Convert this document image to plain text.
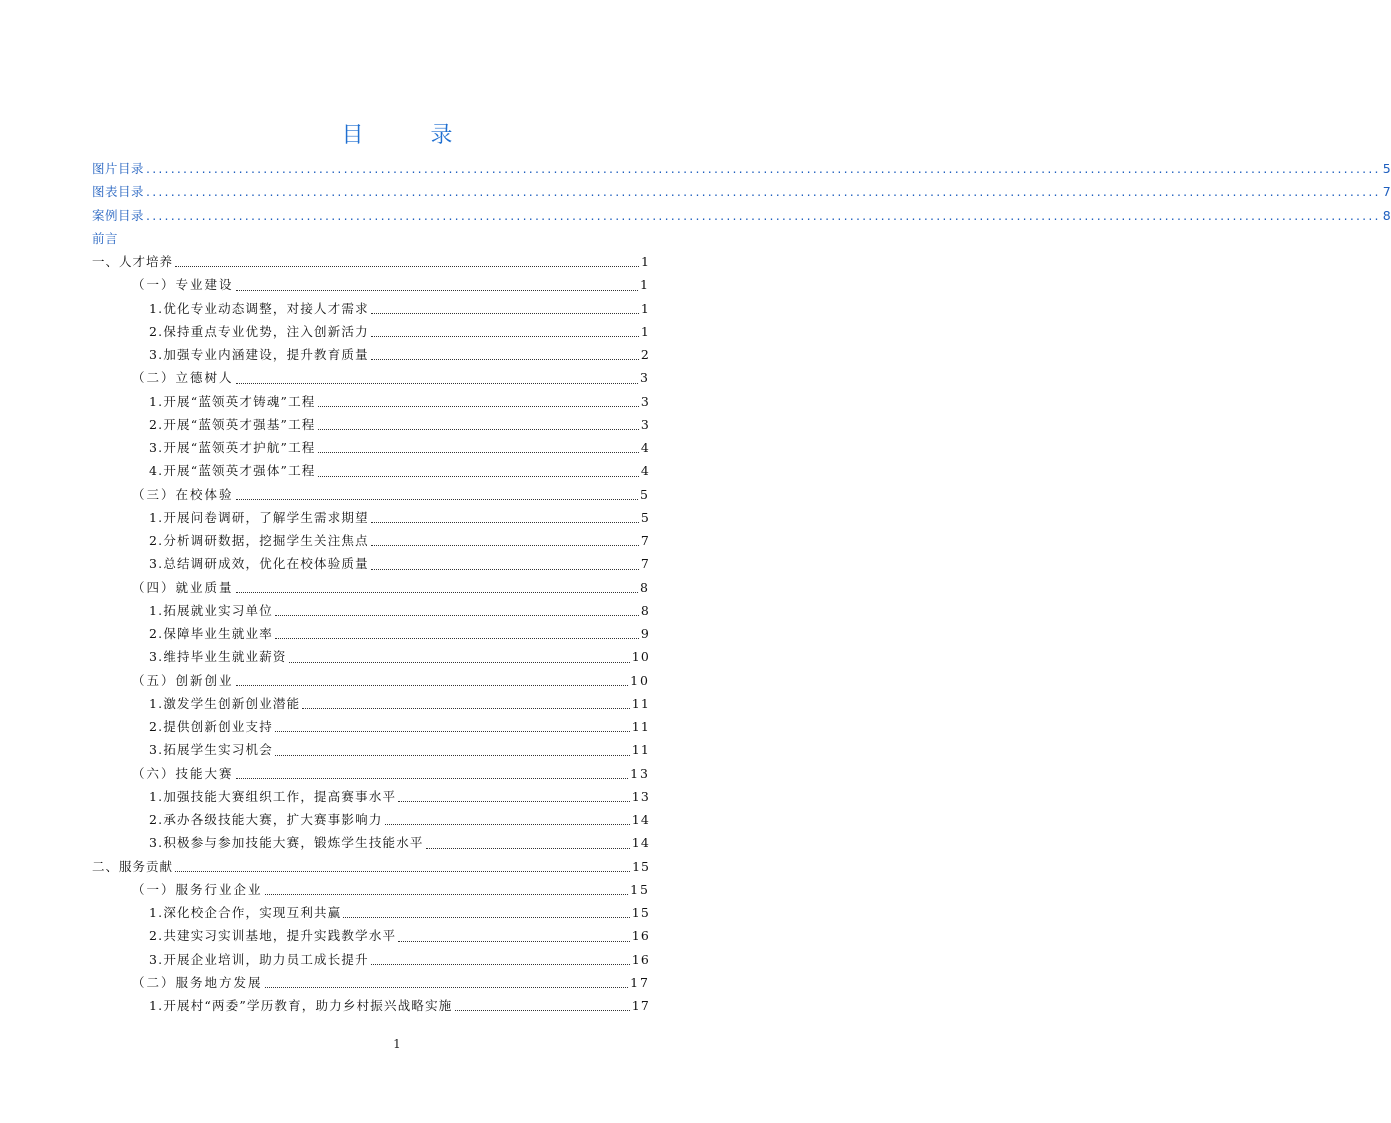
目 录
图片目录 ........................................................................................................................................................................................................ 5
图表目录 ........................................................................................................................................................................................................ 7
案例目录 ........................................................................................................................................................................................................ 8
前言
一、人才培养	1
（一）专业建设	1
1.优化专业动态调整，对接人才需求	1
2.保持重点专业优势，注入创新活力	1
3.加强专业内涵建设，提升教育质量	2
（二）立德树人	3
1.开展“蓝领英才铸魂”工程	3
2.开展“蓝领英才强基”工程	3
3.开展“蓝领英才护航”工程	4
4.开展“蓝领英才强体”工程	4
（三）在校体验	5
1.开展问卷调研，了解学生需求期望	5
2.分析调研数据，挖掘学生关注焦点	7
3.总结调研成效，优化在校体验质量	7
（四）就业质量	8
1.拓展就业实习单位	8
2.保障毕业生就业率	9
3.维持毕业生就业薪资	10
（五）创新创业	10
1.激发学生创新创业潜能	11
2.提供创新创业支持	11
3.拓展学生实习机会	11
（六）技能大赛	13
1.加强技能大赛组织工作，提高赛事水平	13
2.承办各级技能大赛，扩大赛事影响力	14
3.积极参与参加技能大赛，锻炼学生技能水平	14
二、服务贡献	15
（一）服务行业企业	15
1.深化校企合作，实现互利共赢	15
2.共建实习实训基地，提升实践教学水平	16
3.开展企业培训，助力员工成长提升	16
（二）服务地方发展	17
1.开展村“两委”学历教育，助力乡村振兴战略实施	17
1
